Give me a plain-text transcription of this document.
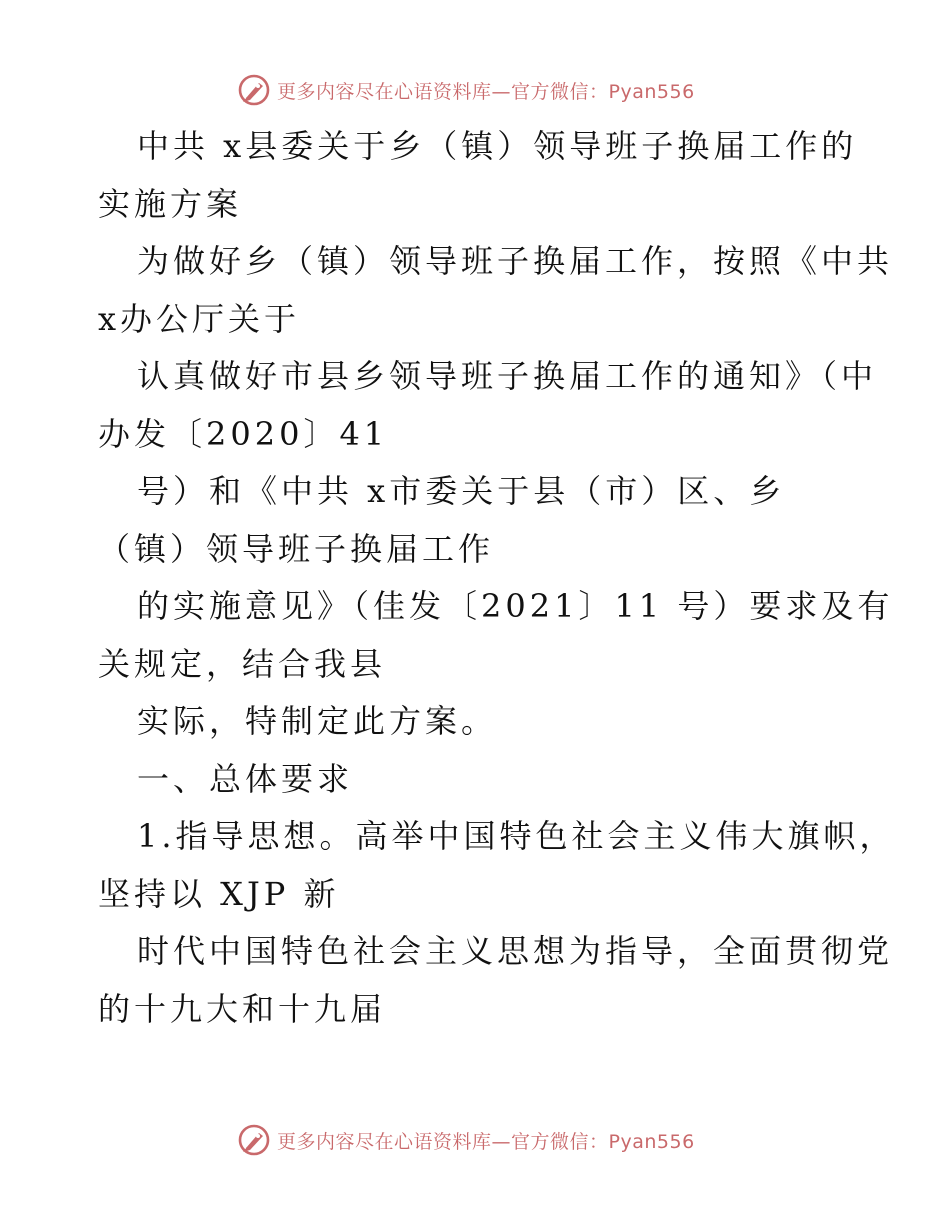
更多内容尽在心语资料库—官方微信：Pyan556
中共 x县委关于乡（镇）领导班子换届工作的
实施方案
为做好乡（镇）领导班子换届工作，按照《中共
x办公厅关于
认真做好市县乡领导班子换届工作的通知》（中
办发〔2020〕41
号）和《中共 x市委关于县（市）区、乡
（镇）领导班子换届工作
的实施意见》（佳发〔2021〕11 号）要求及有
关规定，结合我县
实际，特制定此方案。
一、总体要求
1.指导思想。高举中国特色社会主义伟大旗帜，
坚持以 XJP 新
时代中国特色社会主义思想为指导，全面贯彻党
的十九大和十九届
更多内容尽在心语资料库—官方微信：Pyan556
